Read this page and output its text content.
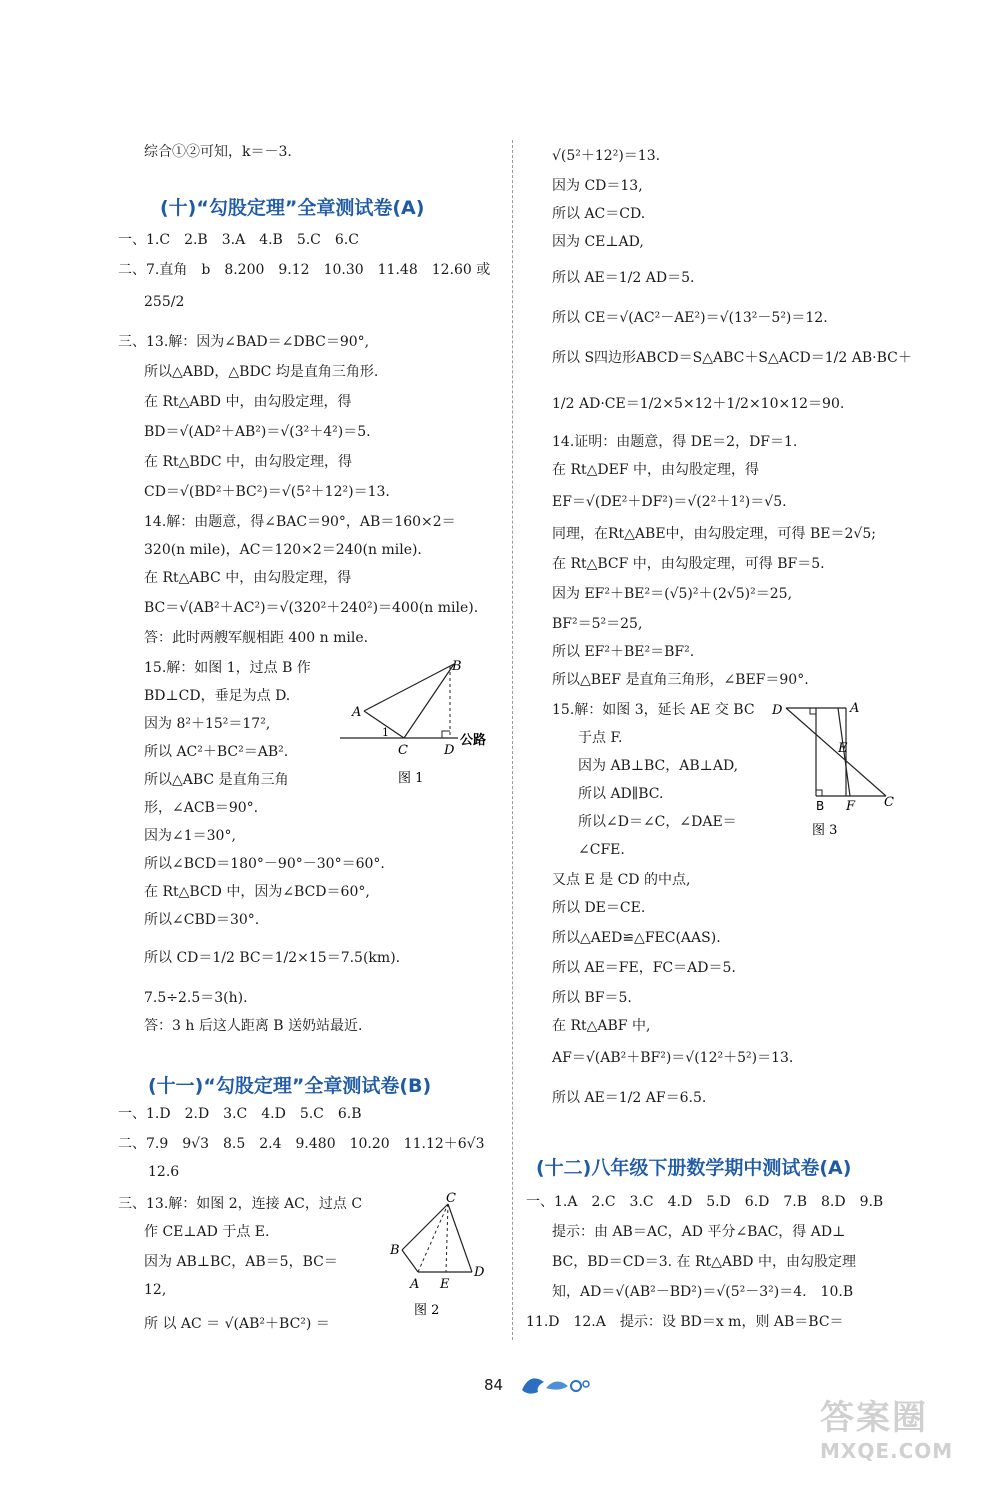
综合①②可知，k＝－3.
(十)“勾股定理”全章测试卷(A)
一、1.C　2.B　3.A　4.B　5.C　6.C
二、7.直角　b　8.200　9.12　10.30　11.48　12.60 或
255/2
三、13.解：因为∠BAD＝∠DBC＝90°,
所以△ABD，△BDC 均是直角三角形.
在 Rt△ABD 中，由勾股定理，得
BD＝√(AD²＋AB²)＝√(3²＋4²)＝5.
在 Rt△BDC 中，由勾股定理，得
CD＝√(BD²＋BC²)＝√(5²＋12²)＝13.
14.解：由题意，得∠BAC＝90°，AB＝160×2＝
320(n mile)，AC＝120×2＝240(n mile).
在 Rt△ABC 中，由勾股定理，得
BC＝√(AB²＋AC²)＝√(320²＋240²)＝400(n mile).
答：此时两艘军舰相距 400 n mile.
15.解：如图 1，过点 B 作
BD⊥CD，垂足为点 D.
因为 8²＋15²＝17²,
所以 AC²＋BC²＝AB².
所以△ABC 是直角三角
形，∠ACB＝90°.
因为∠1＝30°,
所以∠BCD＝180°－90°－30°＝60°.
在 Rt△BCD 中，因为∠BCD＝60°,
所以∠CBD＝30°.
所以 CD＝1/2 BC＝1/2×15＝7.5(km).
7.5÷2.5＝3(h).
答：3 h 后这人距离 B 送奶站最近.
A
B
C	D
1
公路
图 1
(十一)“勾股定理”全章测试卷(B)
一、1.D　2.D　3.C　4.D　5.C　6.B
二、7.9　9√3　8.5　2.4　9.480　10.20　11.12＋6√3
12.6
三、13.解：如图 2，连接 AC，过点 C
作 CE⊥AD 于点 E.
因为 AB⊥BC，AB＝5，BC＝
12,
所 以 AC ＝ √(AB²＋BC²) ＝
A
B
C
D
E
图 2
√(5²＋12²)＝13.
因为 CD＝13,
所以 AC＝CD.
因为 CE⊥AD,
所以 AE＝1/2 AD＝5.
所以 CE＝√(AC²－AE²)＝√(13²－5²)＝12.
所以 S四边形ABCD＝S△ABC＋S△ACD＝1/2 AB·BC＋
1/2 AD·CE＝1/2×5×12＋1/2×10×12＝90.
14.证明：由题意，得 DE＝2，DF＝1.
在 Rt△DEF 中，由勾股定理，得
EF＝√(DE²＋DF²)＝√(2²＋1²)＝√5.
同理，在Rt△ABE中，由勾股定理，可得 BE＝2√5;
在 Rt△BCF 中，由勾股定理，可得 BF＝5.
因为 EF²＋BE²＝(√5)²＋(2√5)²＝25,
BF²＝5²＝25,
所以 EF²＋BE²＝BF².
所以△BEF 是直角三角形，∠BEF＝90°.
15.解：如图 3，延长 AE 交 BC
于点 F.
因为 AB⊥BC，AB⊥AD,
所以 AD∥BC.
所以∠D＝∠C，∠DAE＝
∠CFE.
又点 E 是 CD 的中点,
所以 DE＝CE.
所以△AED≌△FEC(AAS).
所以 AE＝FE，FC＝AD＝5.
所以 BF＝5.
在 Rt△ABF 中,
AF＝√(AB²＋BF²)＝√(12²＋5²)＝13.
所以 AE＝1/2 AF＝6.5.
D	A
E
B F C
图 3
(十二)八年级下册数学期中测试卷(A)
一、1.A　2.C　3.C　4.D　5.D　6.D　7.B　8.D　9.B
提示：由 AB＝AC，AD 平分∠BAC，得 AD⊥
BC，BD＝CD＝3. 在 Rt△ABD 中，由勾股定理
知，AD＝√(AB²－BD²)＝√(5²－3²)＝4.　10.B
11.D　12.A　提示：设 BD＝x m，则 AB＝BC＝
84
答案圈
MXQE.COM
